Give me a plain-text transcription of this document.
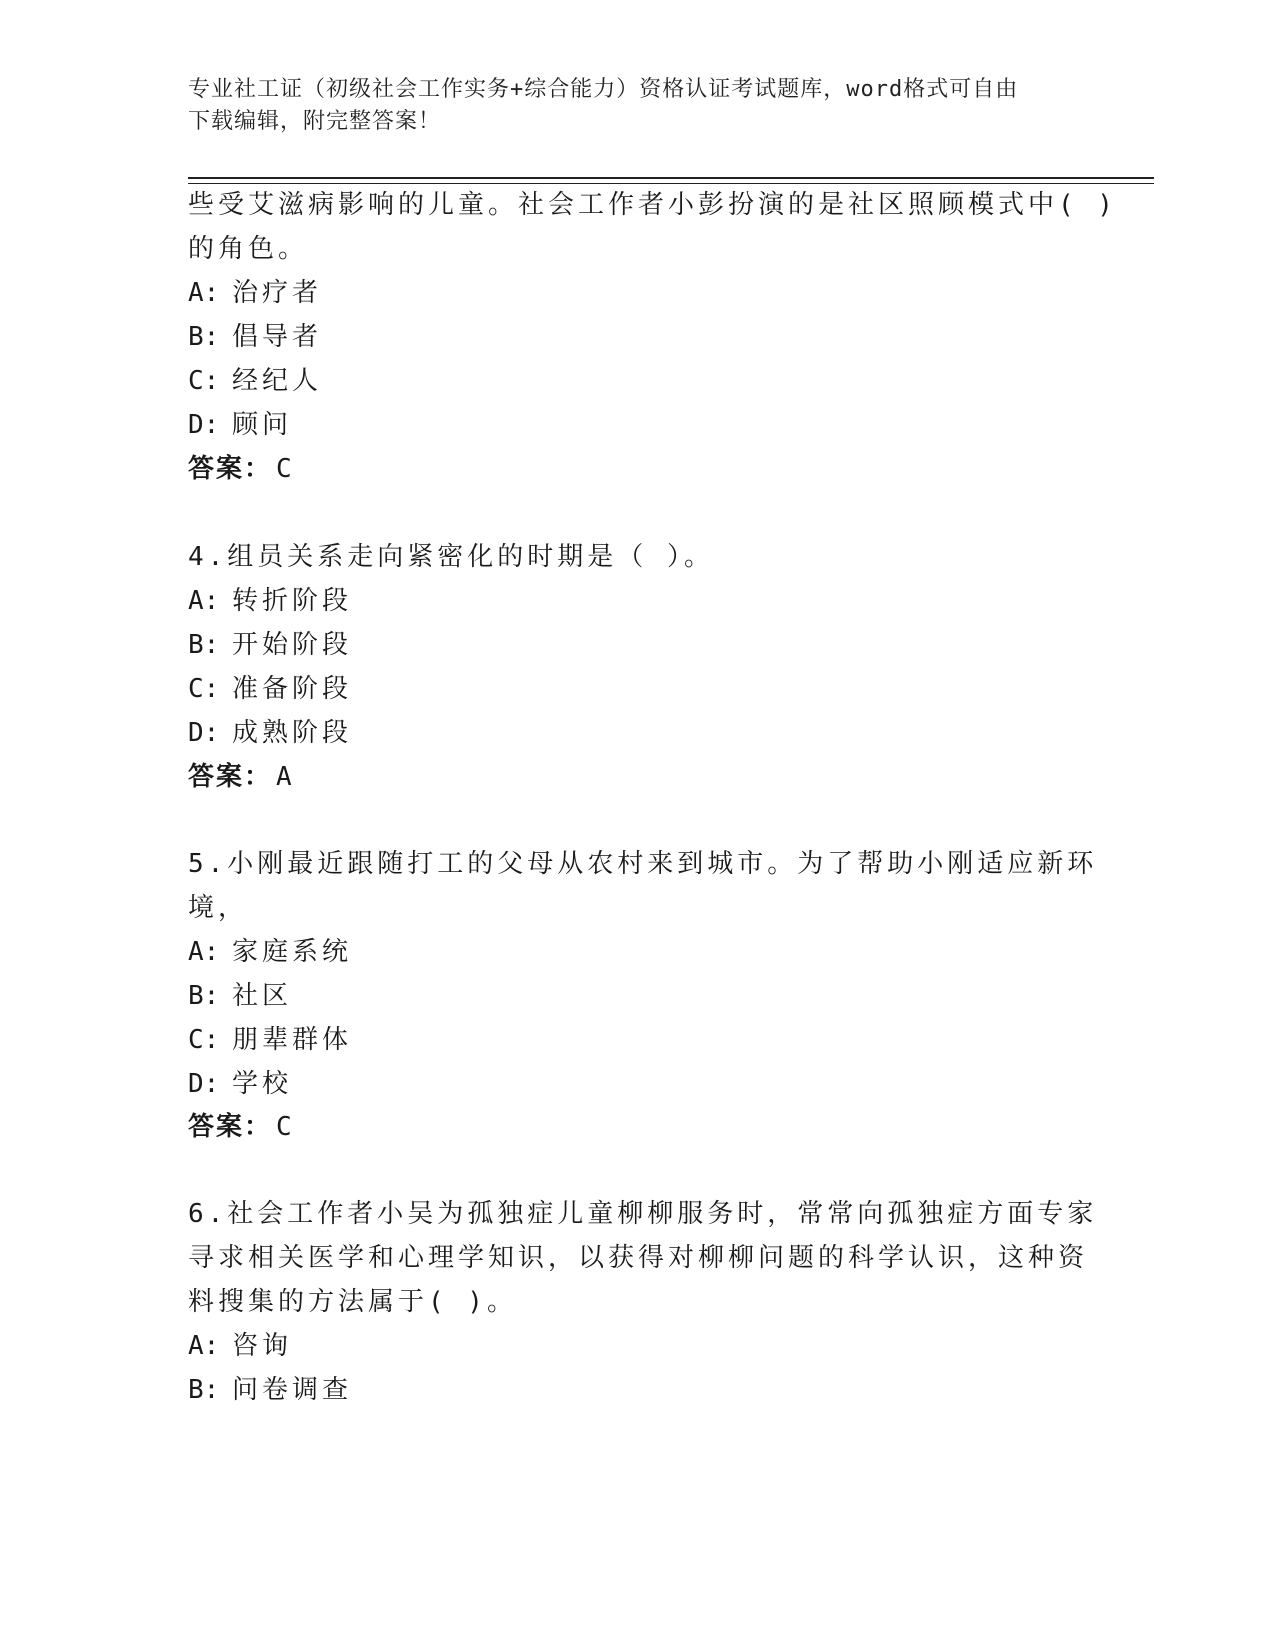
专业社工证（初级社会工作实务+综合能力）资格认证考试题库，word格式可自由
下载编辑，附完整答案！
些受艾滋病影响的儿童。社会工作者小彭扮演的是社区照顾模式中( )
的角色。
A: 治疗者
B: 倡导者
C: 经纪人
D: 顾问
答案： C
4.组员关系走向紧密化的时期是（ ）。
A: 转折阶段
B: 开始阶段
C: 准备阶段
D: 成熟阶段
答案： A
5.小刚最近跟随打工的父母从农村来到城市。为了帮助小刚适应新环
境，
A: 家庭系统
B: 社区
C: 朋辈群体
D: 学校
答案： C
6.社会工作者小吴为孤独症儿童柳柳服务时，常常向孤独症方面专家
寻求相关医学和心理学知识，以获得对柳柳问题的科学认识，这种资
料搜集的方法属于( )。
A: 咨询
B: 问卷调查
